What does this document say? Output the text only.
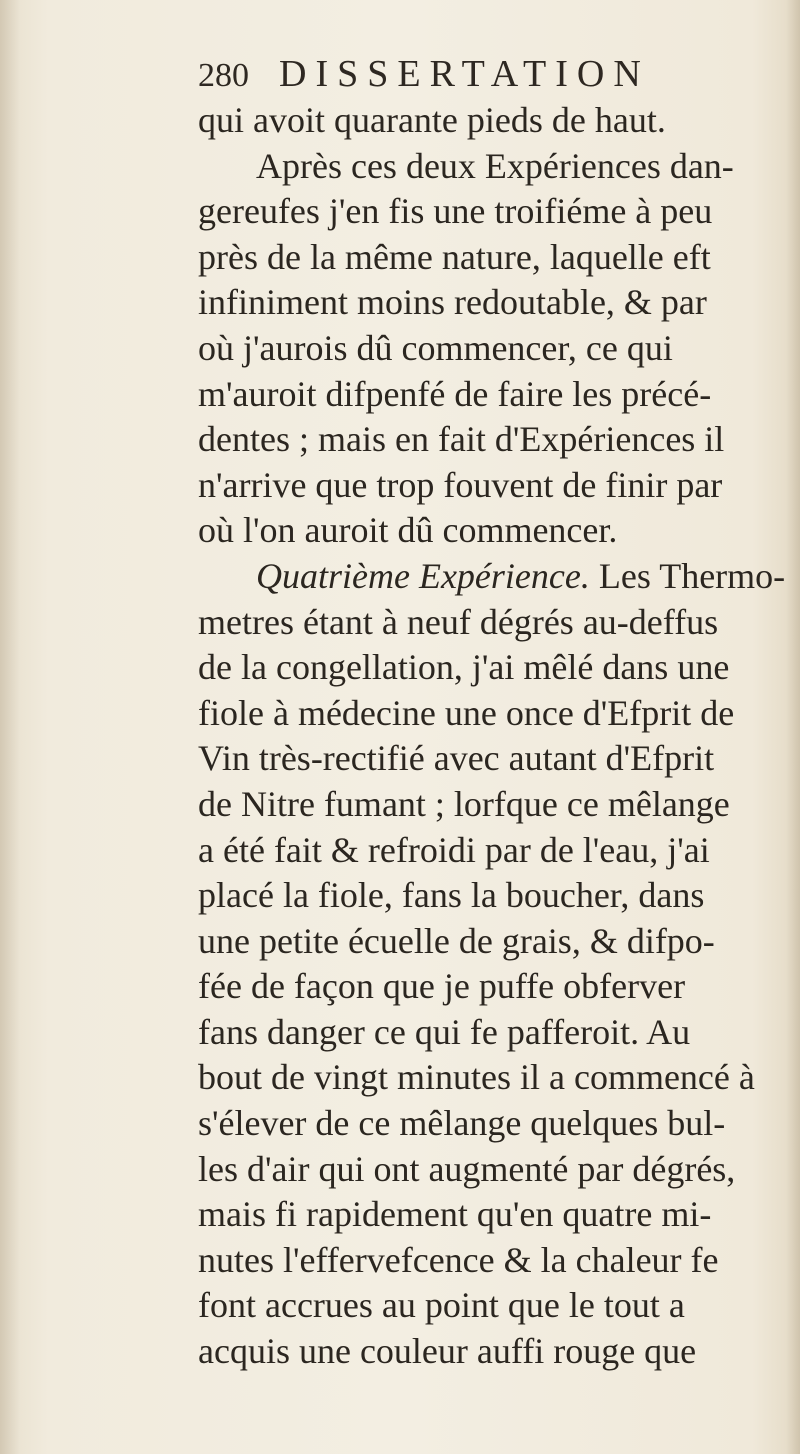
280 DISSERTATION
qui avoit quarante pieds de haut.
Après ces deux Expériences dan-
gereufes j'en fis une troifiéme à peu
près de la même nature, laquelle eft
infiniment moins redoutable, & par
où j'aurois dû commencer, ce qui
m'auroit difpenfé de faire les précé-
dentes ; mais en fait d'Expériences il
n'arrive que trop fouvent de finir par
où l'on auroit dû commencer.
Quatrième Expérience. Les Thermo-
metres étant à neuf dégrés au-deffus
de la congellation, j'ai mêlé dans une
fiole à médecine une once d'Efprit de
Vin très-rectifié avec autant d'Efprit
de Nitre fumant ; lorfque ce mêlange
a été fait & refroidi par de l'eau, j'ai
placé la fiole, fans la boucher, dans
une petite écuelle de grais, & difpo-
fée de façon que je puffe obferver
fans danger ce qui fe pafferoit. Au
bout de vingt minutes il a commencé à
s'élever de ce mêlange quelques bul-
les d'air qui ont augmenté par dégrés,
mais fi rapidement qu'en quatre mi-
nutes l'effervefcence & la chaleur fe
font accrues au point que le tout a
acquis une couleur auffi rouge que
